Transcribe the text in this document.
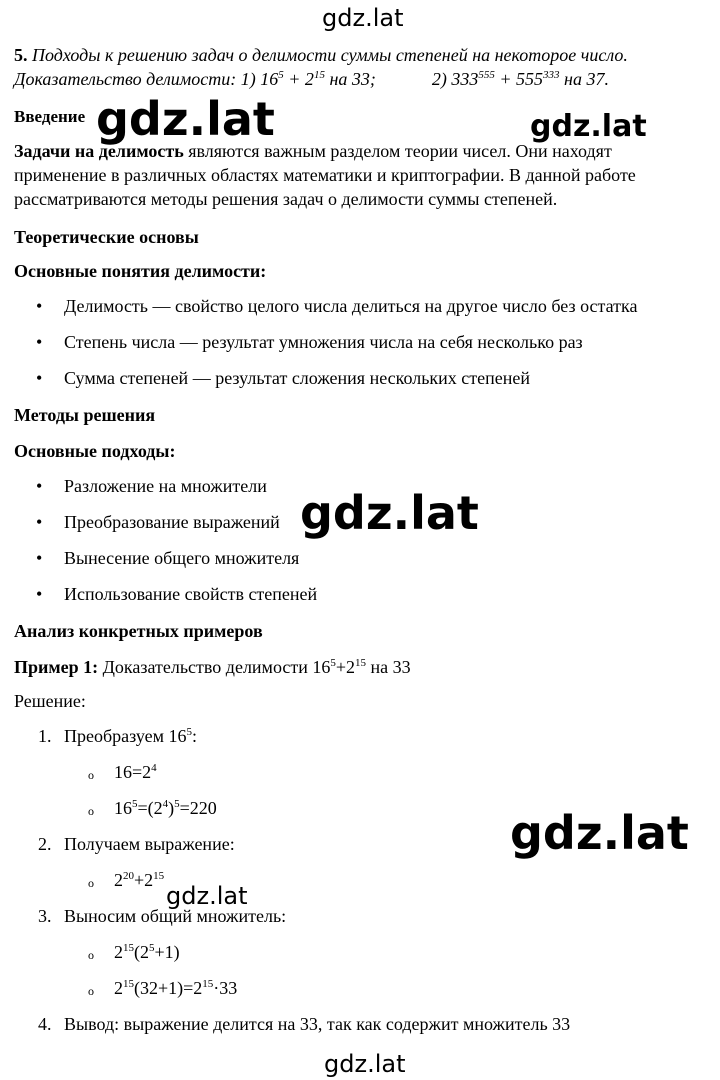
gdz.lat
gdz.lat	gdz.lat
gdz.lat
gdz.lat
gdz.lat
gdz.lat
5. Подходы к решению задач о делимости суммы степеней на некоторое число.
Доказательство делимости: 1) $16^5 + 2^{15}$ на 33;	2) $333^{555} + 555^{333}$ на 37.
Введение
Задачи на делимость являются важным разделом теории чисел. Они находят
применение в различных областях математики и криптографии. В данной работе
рассматриваются методы решения задач о делимости суммы степеней.
Теоретические основы
Основные понятия делимости:
• Делимость — свойство целого числа делиться на другое число без остатка
• Степень числа — результат умножения числа на себя несколько раз
• Сумма степеней — результат сложения нескольких степеней
Методы решения
Основные подходы:
• Разложение на множители
• Преобразование выражений
• Вынесение общего множителя
• Использование свойств степеней
Анализ конкретных примеров
Пример 1: Доказательство делимости $16^5+2^{15}$ на 33
Решение:
1. Преобразуем $16^5$:
o $16=2^4$
o $16^5=(2^4)^5=220$
2. Получаем выражение:
o $2^{20}+2^{15}$
3. Выносим общий множитель:
o $2^{15}(2^5+1)$
o $2^{15}(32+1)=2^{15}\cdot 33$
4. Вывод: выражение делится на 33, так как содержит множитель 33
